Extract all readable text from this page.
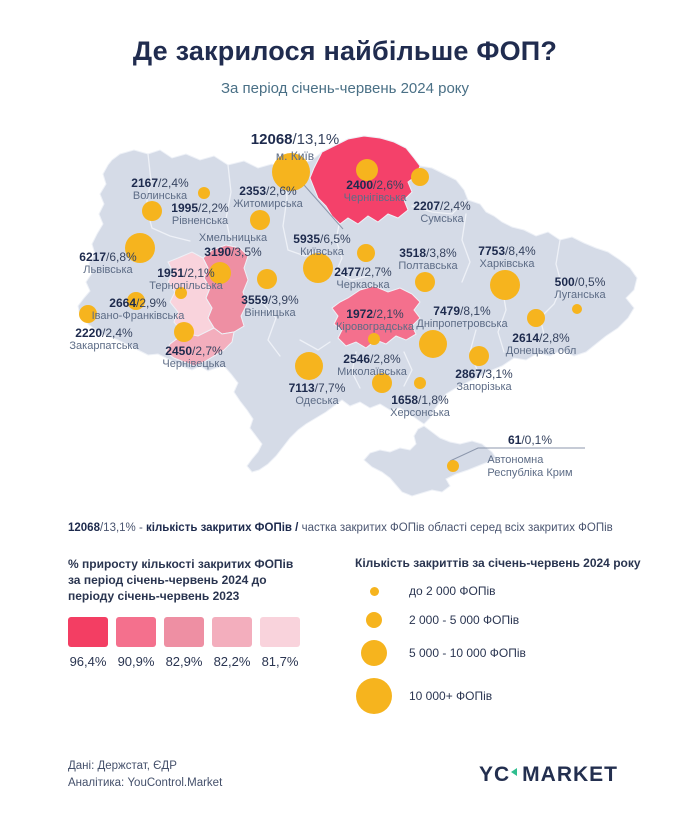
Де закрилося найбільше ФОП?
За період січень-червень 2024 року
12068/13,1%
м. Київ
2167/2,4%
Волинська
1995/2,2%
Рівненська
2353/2,6%
Житомирська
2400/2,6%
Чернігівська
2207/2,4%
Сумська
5935/6,5%
Київська
Хмельницька
3190/3,5%
6217/6,8%
Львівська	1951/2,1%
Тернопільська
3559/3,9%
Вінницька
2477/2,7%
Черкаська
3518/3,8%
Полтавська
7753/8,4%
Харківська
500/0,5%
Луганська
2664/2,9%
Івано-Франківська
2220/2,4%
Закарпатська 2450/2,7%
Чернівецька
1972/2,1%
Кіровоградська
7479/8,1%
Дніпропетровська
2614/2,8%
Донецька обл
2867/3,1%
Запорізька
2546/2,8%
Миколаївська
1658/1,8%
Херсонська
7113/7,7%
Одеська
61/0,1%
Автономна
Республіка Крим
12068/13,1% - кількість закритих ФОПів / частка закритих ФОПів області серед всіх закритих ФОПів
% приросту кількості закритих ФОПів
за період січень-червень 2024 до
періоду січень-червень 2023
96,4% 90,9% 82,9% 82,2% 81,7%
Кількість закриттів за січень-червень 2024 року
до 2 000 ФОПів
2 000 - 5 000 ФОПів
5 000 - 10 000 ФОПів
10 000+ ФОПів
Дані: Держстат, ЄДР
Аналітика: YouControl.Market	YC MARKET
